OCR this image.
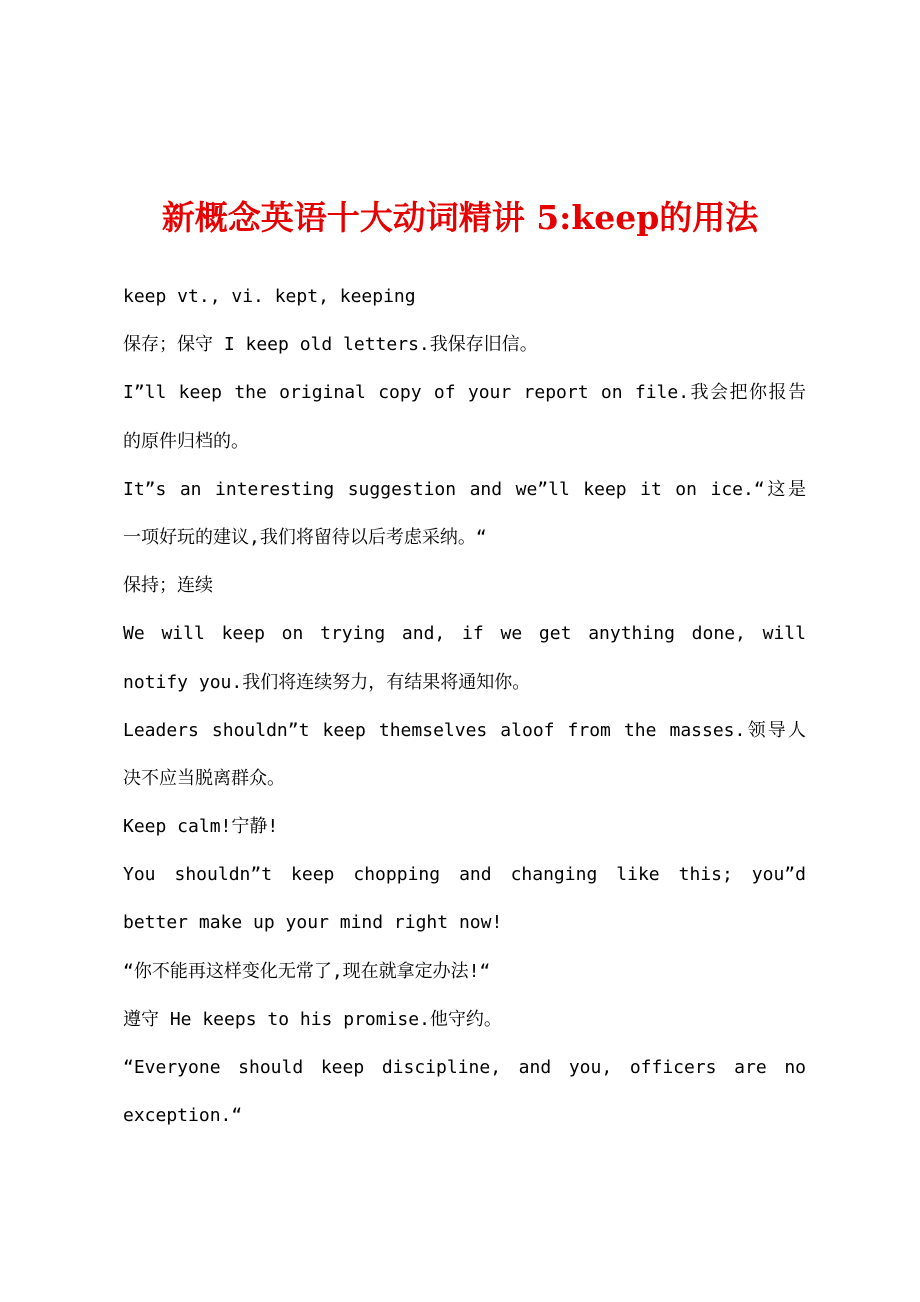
新概念英语十大动词精讲 5:keep的用法

keep vt., vi. kept, keeping

保存；保守 I keep old letters.我保存旧信。

I”ll keep the original copy of your report on file.我会把你报告

的原件归档的。

It”s an interesting suggestion and we”ll keep it on ice.“这是

一项好玩的建议,我们将留待以后考虑采纳。“

保持；连续

We will keep on trying and, if we get anything done, will

notify you.我们将连续努力，有结果将通知你。

Leaders shouldn”t keep themselves aloof from the masses.领导人

决不应当脱离群众。

Keep calm!宁静!

You shouldn”t keep chopping and changing like this; you”d

better make up your mind right now!

“你不能再这样变化无常了,现在就拿定办法!“

遵守 He keeps to his promise.他守约。

“Everyone should keep discipline, and you, officers are no

exception.“
